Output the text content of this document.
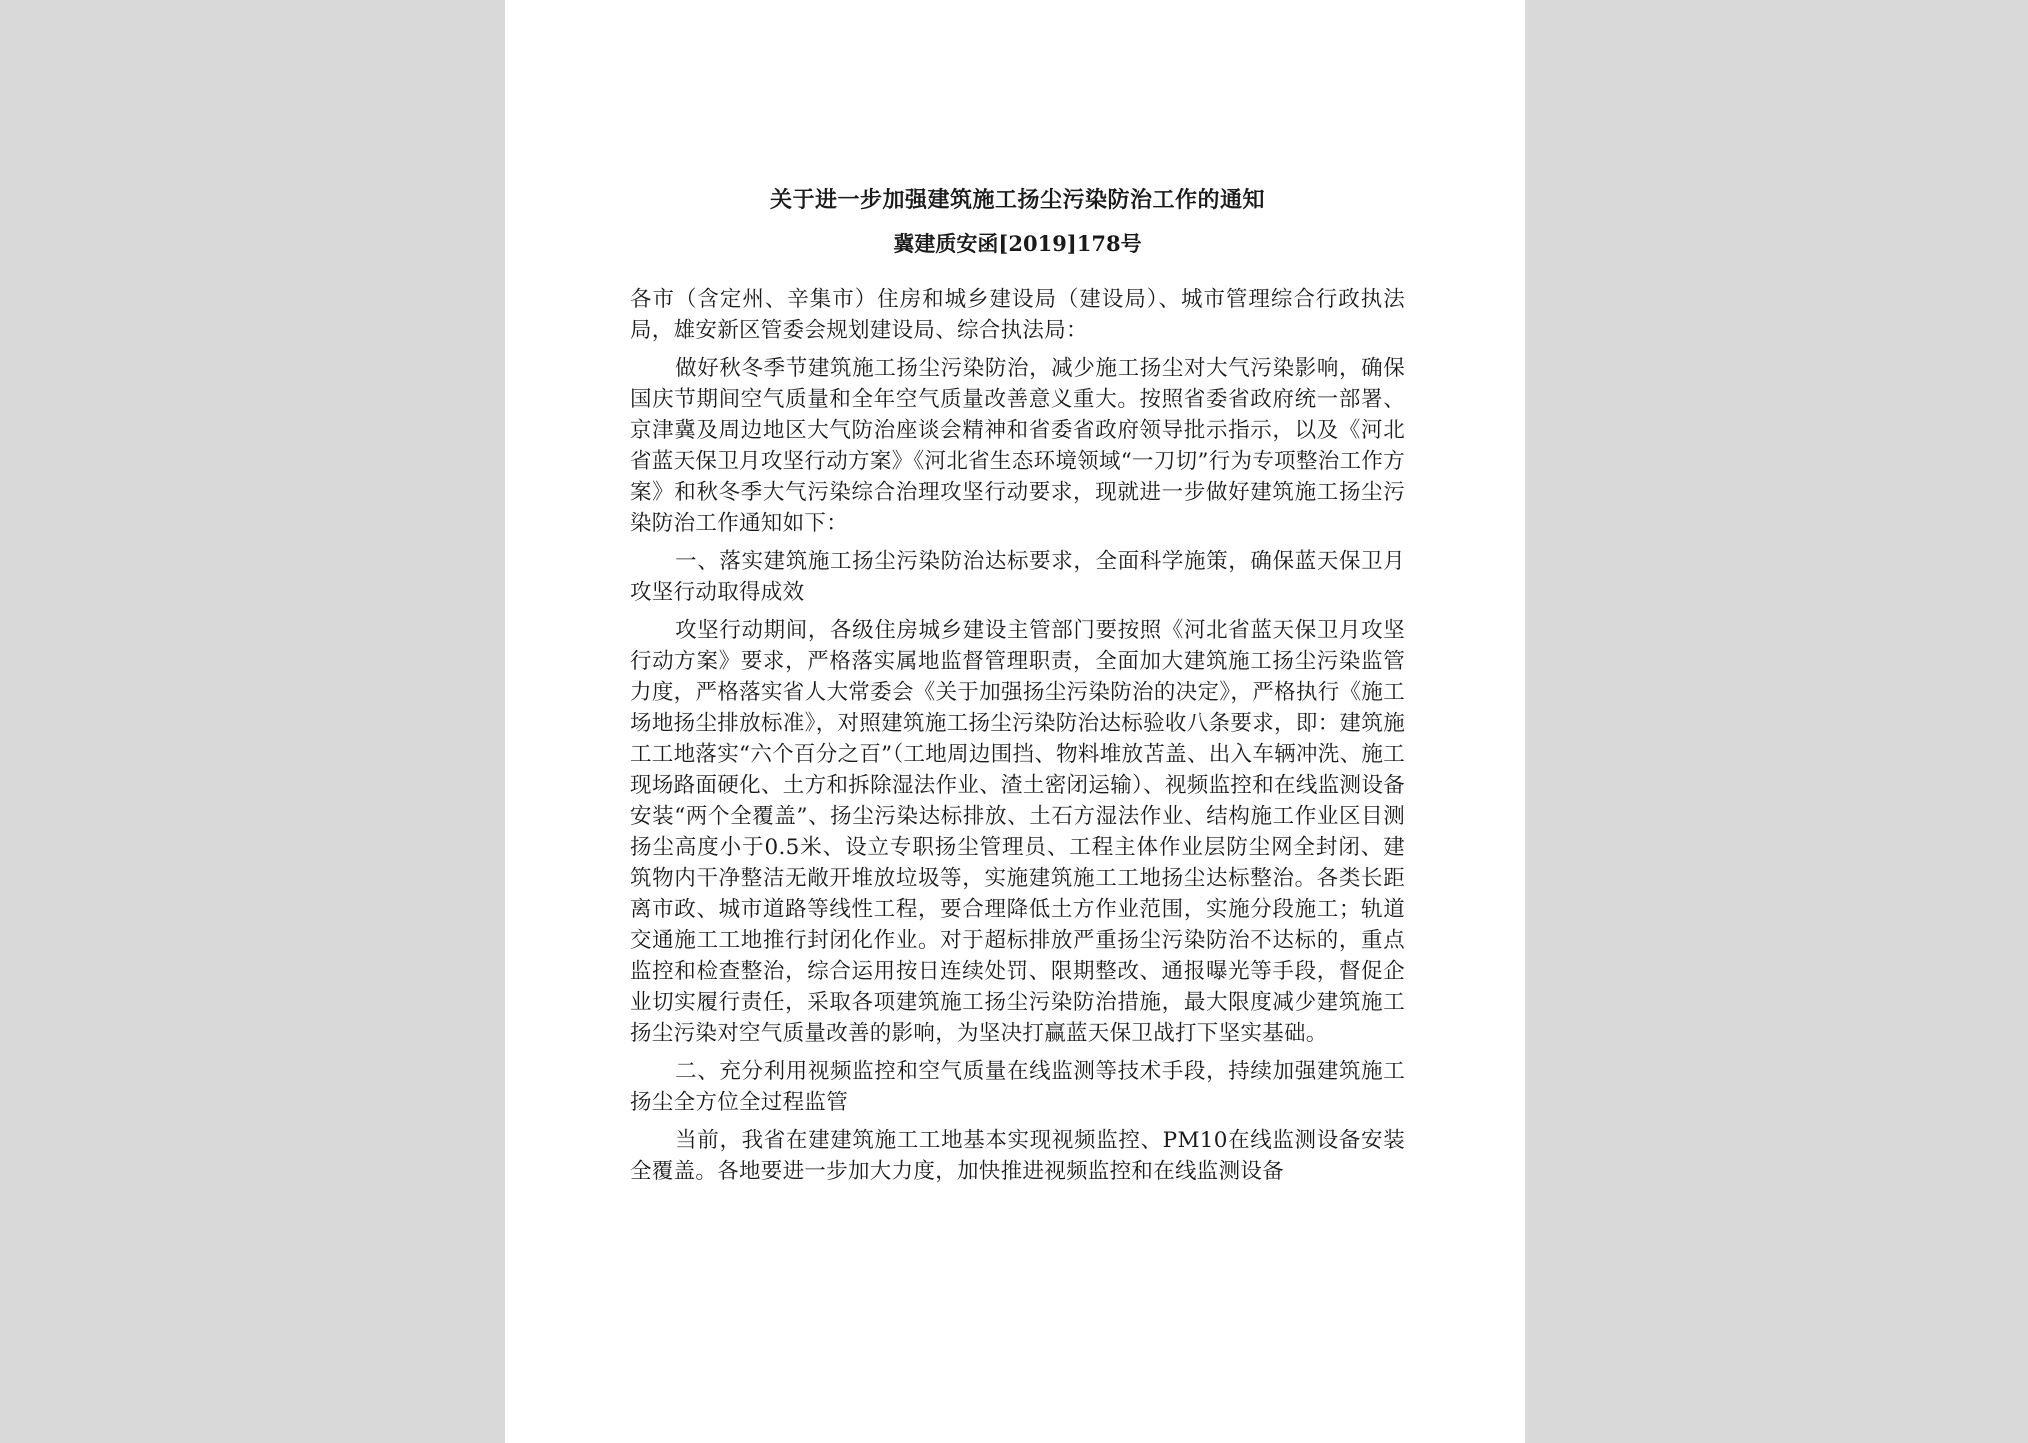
关于进一步加强建筑施工扬尘污染防治工作的通知
冀建质安函[2019]178号

各市（含定州、辛集市）住房和城乡建设局（建设局）、城市管理综合行政执法局，雄安新区管委会规划建设局、综合执法局：

做好秋冬季节建筑施工扬尘污染防治，减少施工扬尘对大气污染影响，确保国庆节期间空气质量和全年空气质量改善意义重大。按照省委省政府统一部署、京津冀及周边地区大气防治座谈会精神和省委省政府领导批示指示，以及《河北省蓝天保卫月攻坚行动方案》《河北省生态环境领域“一刀切”行为专项整治工作方案》和秋冬季大气污染综合治理攻坚行动要求，现就进一步做好建筑施工扬尘污染防治工作通知如下：

一、落实建筑施工扬尘污染防治达标要求，全面科学施策，确保蓝天保卫月攻坚行动取得成效

攻坚行动期间，各级住房城乡建设主管部门要按照《河北省蓝天保卫月攻坚行动方案》要求，严格落实属地监督管理职责，全面加大建筑施工扬尘污染监管力度，严格落实省人大常委会《关于加强扬尘污染防治的决定》，严格执行《施工场地扬尘排放标准》，对照建筑施工扬尘污染防治达标验收八条要求，即：建筑施工工地落实“六个百分之百”（工地周边围挡、物料堆放苫盖、出入车辆冲洗、施工现场路面硬化、土方和拆除湿法作业、渣土密闭运输）、视频监控和在线监测设备安装“两个全覆盖”、扬尘污染达标排放、土石方湿法作业、结构施工作业区目测扬尘高度小于0.5米、设立专职扬尘管理员、工程主体作业层防尘网全封闭、建筑物内干净整洁无敞开堆放垃圾等，实施建筑施工工地扬尘达标整治。各类长距离市政、城市道路等线性工程，要合理降低土方作业范围，实施分段施工；轨道交通施工工地推行封闭化作业。对于超标排放严重扬尘污染防治不达标的，重点监控和检查整治，综合运用按日连续处罚、限期整改、通报曝光等手段，督促企业切实履行责任，采取各项建筑施工扬尘污染防治措施，最大限度减少建筑施工扬尘污染对空气质量改善的影响，为坚决打赢蓝天保卫战打下坚实基础。

二、充分利用视频监控和空气质量在线监测等技术手段，持续加强建筑施工扬尘全方位全过程监管

当前，我省在建建筑施工工地基本实现视频监控、PM10在线监测设备安装全覆盖。各地要进一步加大力度，加快推进视频监控和在线监测设备
